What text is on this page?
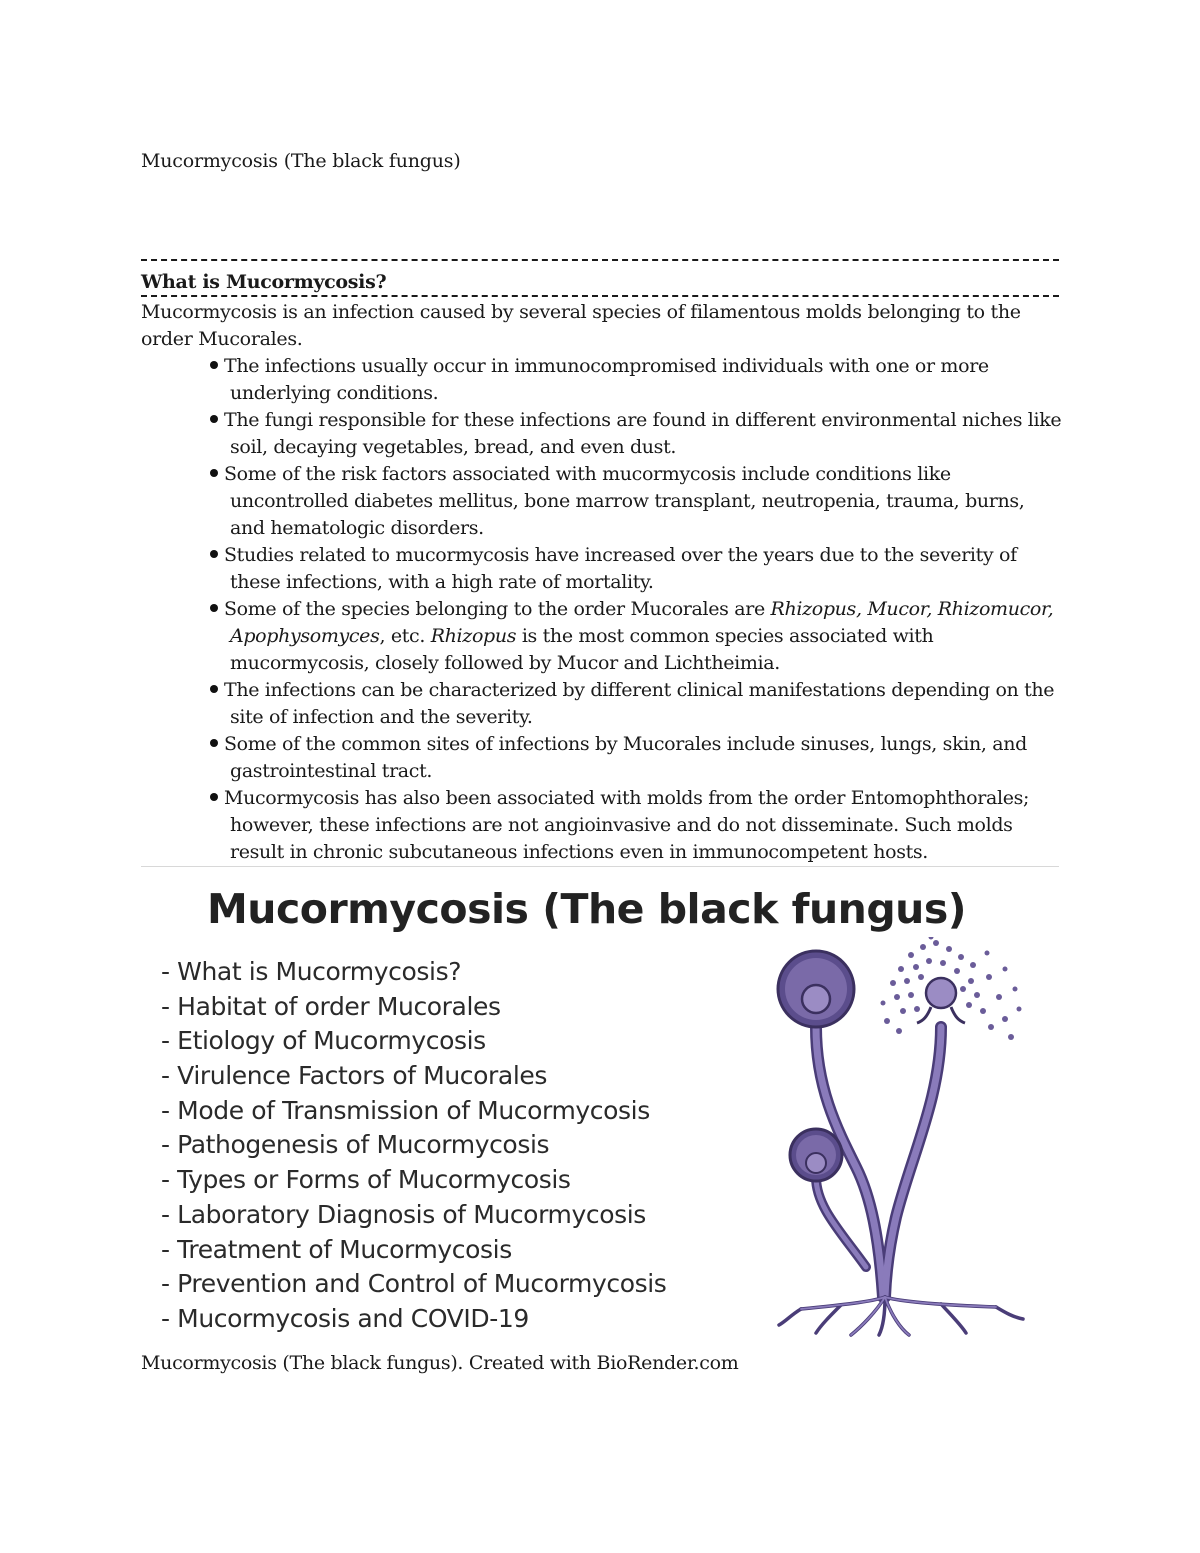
Mucormycosis (The black fungus)
What is Mucormycosis?
Mucormycosis is an infection caused by several species of filamentous molds belonging to the order Mucorales.
The infections usually occur in immunocompromised individuals with one or more underlying conditions.
The fungi responsible for these infections are found in different environmental niches like soil, decaying vegetables, bread, and even dust.
Some of the risk factors associated with mucormycosis include conditions like uncontrolled diabetes mellitus, bone marrow transplant, neutropenia, trauma, burns, and hematologic disorders.
Studies related to mucormycosis have increased over the years due to the severity of these infections, with a high rate of mortality.
Some of the species belonging to the order Mucorales are Rhizopus, Mucor, Rhizomucor, Apophysomyces, etc. Rhizopus is the most common species associated with mucormycosis, closely followed by Mucor and Lichtheimia.
The infections can be characterized by different clinical manifestations depending on the site of infection and the severity.
Some of the common sites of infections by Mucorales include sinuses, lungs, skin, and gastrointestinal tract.
Mucormycosis has also been associated with molds from the order Entomophthorales; however, these infections are not angioinvasive and do not disseminate. Such molds result in chronic subcutaneous infections even in immunocompetent hosts.
Mucormycosis (The black fungus)
- What is Mucormycosis?
- Habitat of order Mucorales
- Etiology of Mucormycosis
- Virulence Factors of Mucorales
- Mode of Transmission of Mucormycosis
- Pathogenesis of Mucormycosis
- Types or Forms of Mucormycosis
- Laboratory Diagnosis of Mucormycosis
- Treatment of Mucormycosis
- Prevention and Control of Mucormycosis
- Mucormycosis and COVID-19
Mucormycosis (The black fungus). Created with BioRender.com
